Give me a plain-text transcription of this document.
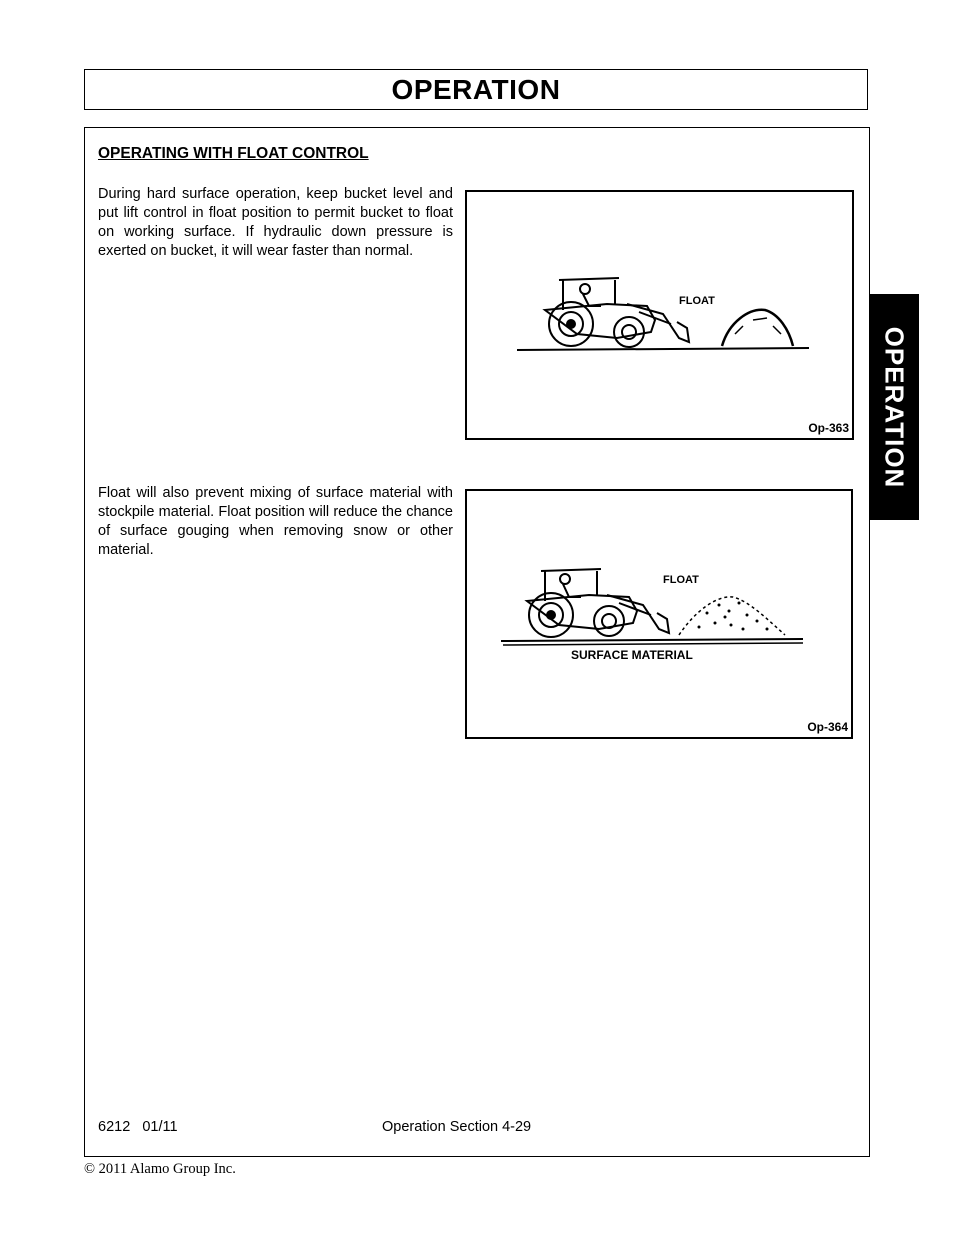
OPERATION
OPERATING WITH FLOAT CONTROL
During hard surface operation, keep bucket level and put lift control in float position to permit bucket to float on working surface. If hydraulic down pressure is exerted on bucket, it will wear faster than normal.
Float will also prevent mixing of surface material with stockpile material. Float position will reduce the chance of surface gouging when removing snow or other material.
FLOAT
Op-363
FLOAT
SURFACE MATERIAL
Op-364
OPERATION
6212   01/11	Operation Section 4-29
© 2011 Alamo Group Inc.
